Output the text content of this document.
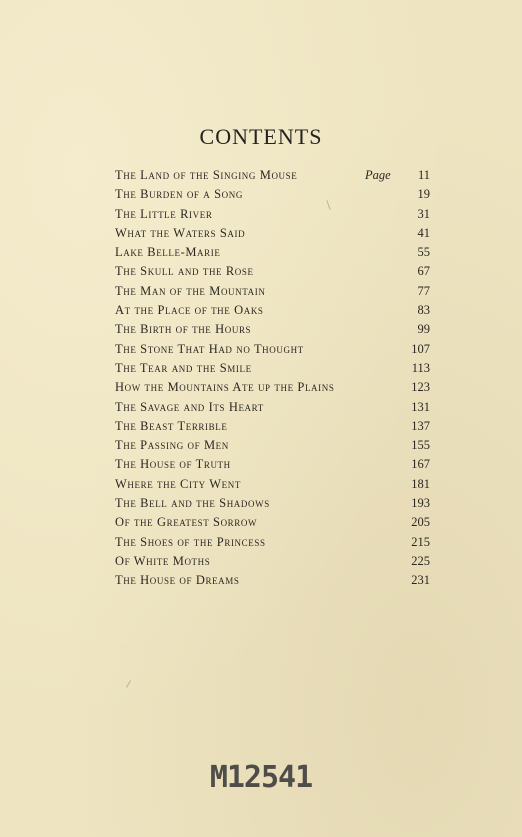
CONTENTS
The Land of the Singing Mouse	Page 11
The Burden of a Song	19
The Little River	31
What the Waters Said	41
Lake Belle-Marie	55
The Skull and the Rose	67
The Man of the Mountain	77
At the Place of the Oaks	83
The Birth of the Hours	99
The Stone That Had no Thought	107
The Tear and the Smile	113
How the Mountains Ate up the Plains	123
The Savage and Its Heart	131
The Beast Terrible	137
The Passing of Men	155
The House of Truth	167
Where the City Went	181
The Bell and the Shadows	193
Of the Greatest Sorrow	205
The Shoes of the Princess	215
Of White Moths	225
The House of Dreams	231
M12541
